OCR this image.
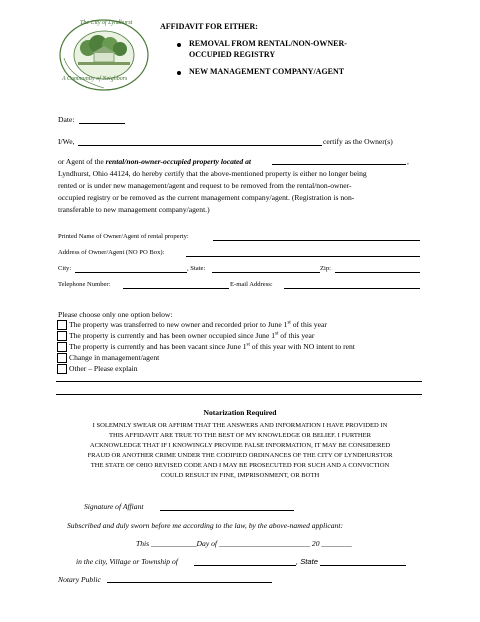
The City of Lyndhurst
A Community of Neighbors
AFFIDAVIT FOR EITHER:
REMOVAL FROM RENTAL/NON-OWNER-
OCCUPIED REGISTRY
NEW MANAGEMENT COMPANY/AGENT
Date:
I/We,	certify as the Owner(s)
or Agent of the rental/non-owner-occupied property located at	,
Lyndhurst, Ohio 44124, do hereby certify that the above-mentioned property is either no longer being
rented or is under new management/agent and request to be removed from the rental/non-owner-
occupied registry or be removed as the current management company/agent. (Registration is non-
transferable to new management company/agent.)
Printed Name of Owner/Agent of rental property:
Address of Owner/Agent (NO PO Box):
City:	, State:	Zip:
Telephone Number:	E-mail Address:
Please choose only one option below:
The property was transferred to new owner and recorded prior to June 1st of this year
The property is currently and has been owner occupied since June 1st of this year
The property is currently and has been vacant since June 1st of this year with NO intent to rent
Change in management/agent
Other – Please explain
Notarization Required
I SOLEMNLY SWEAR OR AFFIRM THAT THE ANSWERS AND INFORMATION I HAVE PROVIDED IN
THIS AFFIDAVIT ARE TRUE TO THE BEST OF MY KNOWLEDGE OR BELIEF. I FURTHER
ACKNOWLEDGE THAT IF I KNOWINGLY PROVIDE FALSE INFORMATION, IT MAY BE CONSIDERED
FRAUD OR ANOTHER CRIME UNDER THE CODIFIED ORDINANCES OF THE CITY OF LYNDHURSTOR
THE STATE OF OHIO REVISED CODE AND I MAY BE PROSECUTED FOR SUCH AND A CONVICTION
COULD RESULT IN FINE, IMPRISONMENT, OR BOTH
Signature of Affiant
Subscribed and duly sworn before me according to the law, by the above-named applicant:
This ____________Day of ________________________ 20 ________
in the city, Village or Township of	, State
Notary Public
